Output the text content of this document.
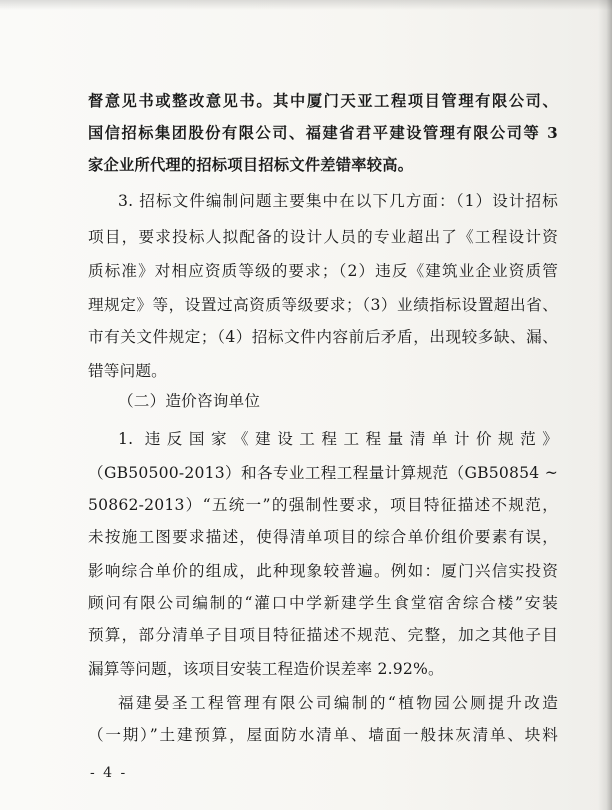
督意见书或整改意见书。其中厦门天亚工程项目管理有限公司、
国信招标集团股份有限公司、福建省君平建设管理有限公司等 3
家企业所代理的招标项目招标文件差错率较高。
3. 招标文件编制问题主要集中在以下几方面：（1）设计招标
项目，要求投标人拟配备的设计人员的专业超出了《工程设计资
质标准》对相应资质等级的要求；（2）违反《建筑业企业资质管
理规定》等，设置过高资质等级要求；（3）业绩指标设置超出省、
市有关文件规定；（4）招标文件内容前后矛盾，出现较多缺、漏、
错等问题。
（二）造价咨询单位
1. 违反国家《建设工程工程量清单计价规范》
（GB50500-2013）和各专业工程工程量计算规范（GB50854 ~
50862-2013）“五统一”的强制性要求，项目特征描述不规范，
未按施工图要求描述，使得清单项目的综合单价组价要素有误，
影响综合单价的组成，此种现象较普遍。例如：厦门兴信实投资
顾问有限公司编制的“灌口中学新建学生食堂宿舍综合楼”安装
预算，部分清单子目项目特征描述不规范、完整，加之其他子目
漏算等问题，该项目安装工程造价误差率 2.92%。
福建晏圣工程管理有限公司编制的“植物园公厕提升改造
（一期）”土建预算，屋面防水清单、墙面一般抹灰清单、块料
- 4 -
